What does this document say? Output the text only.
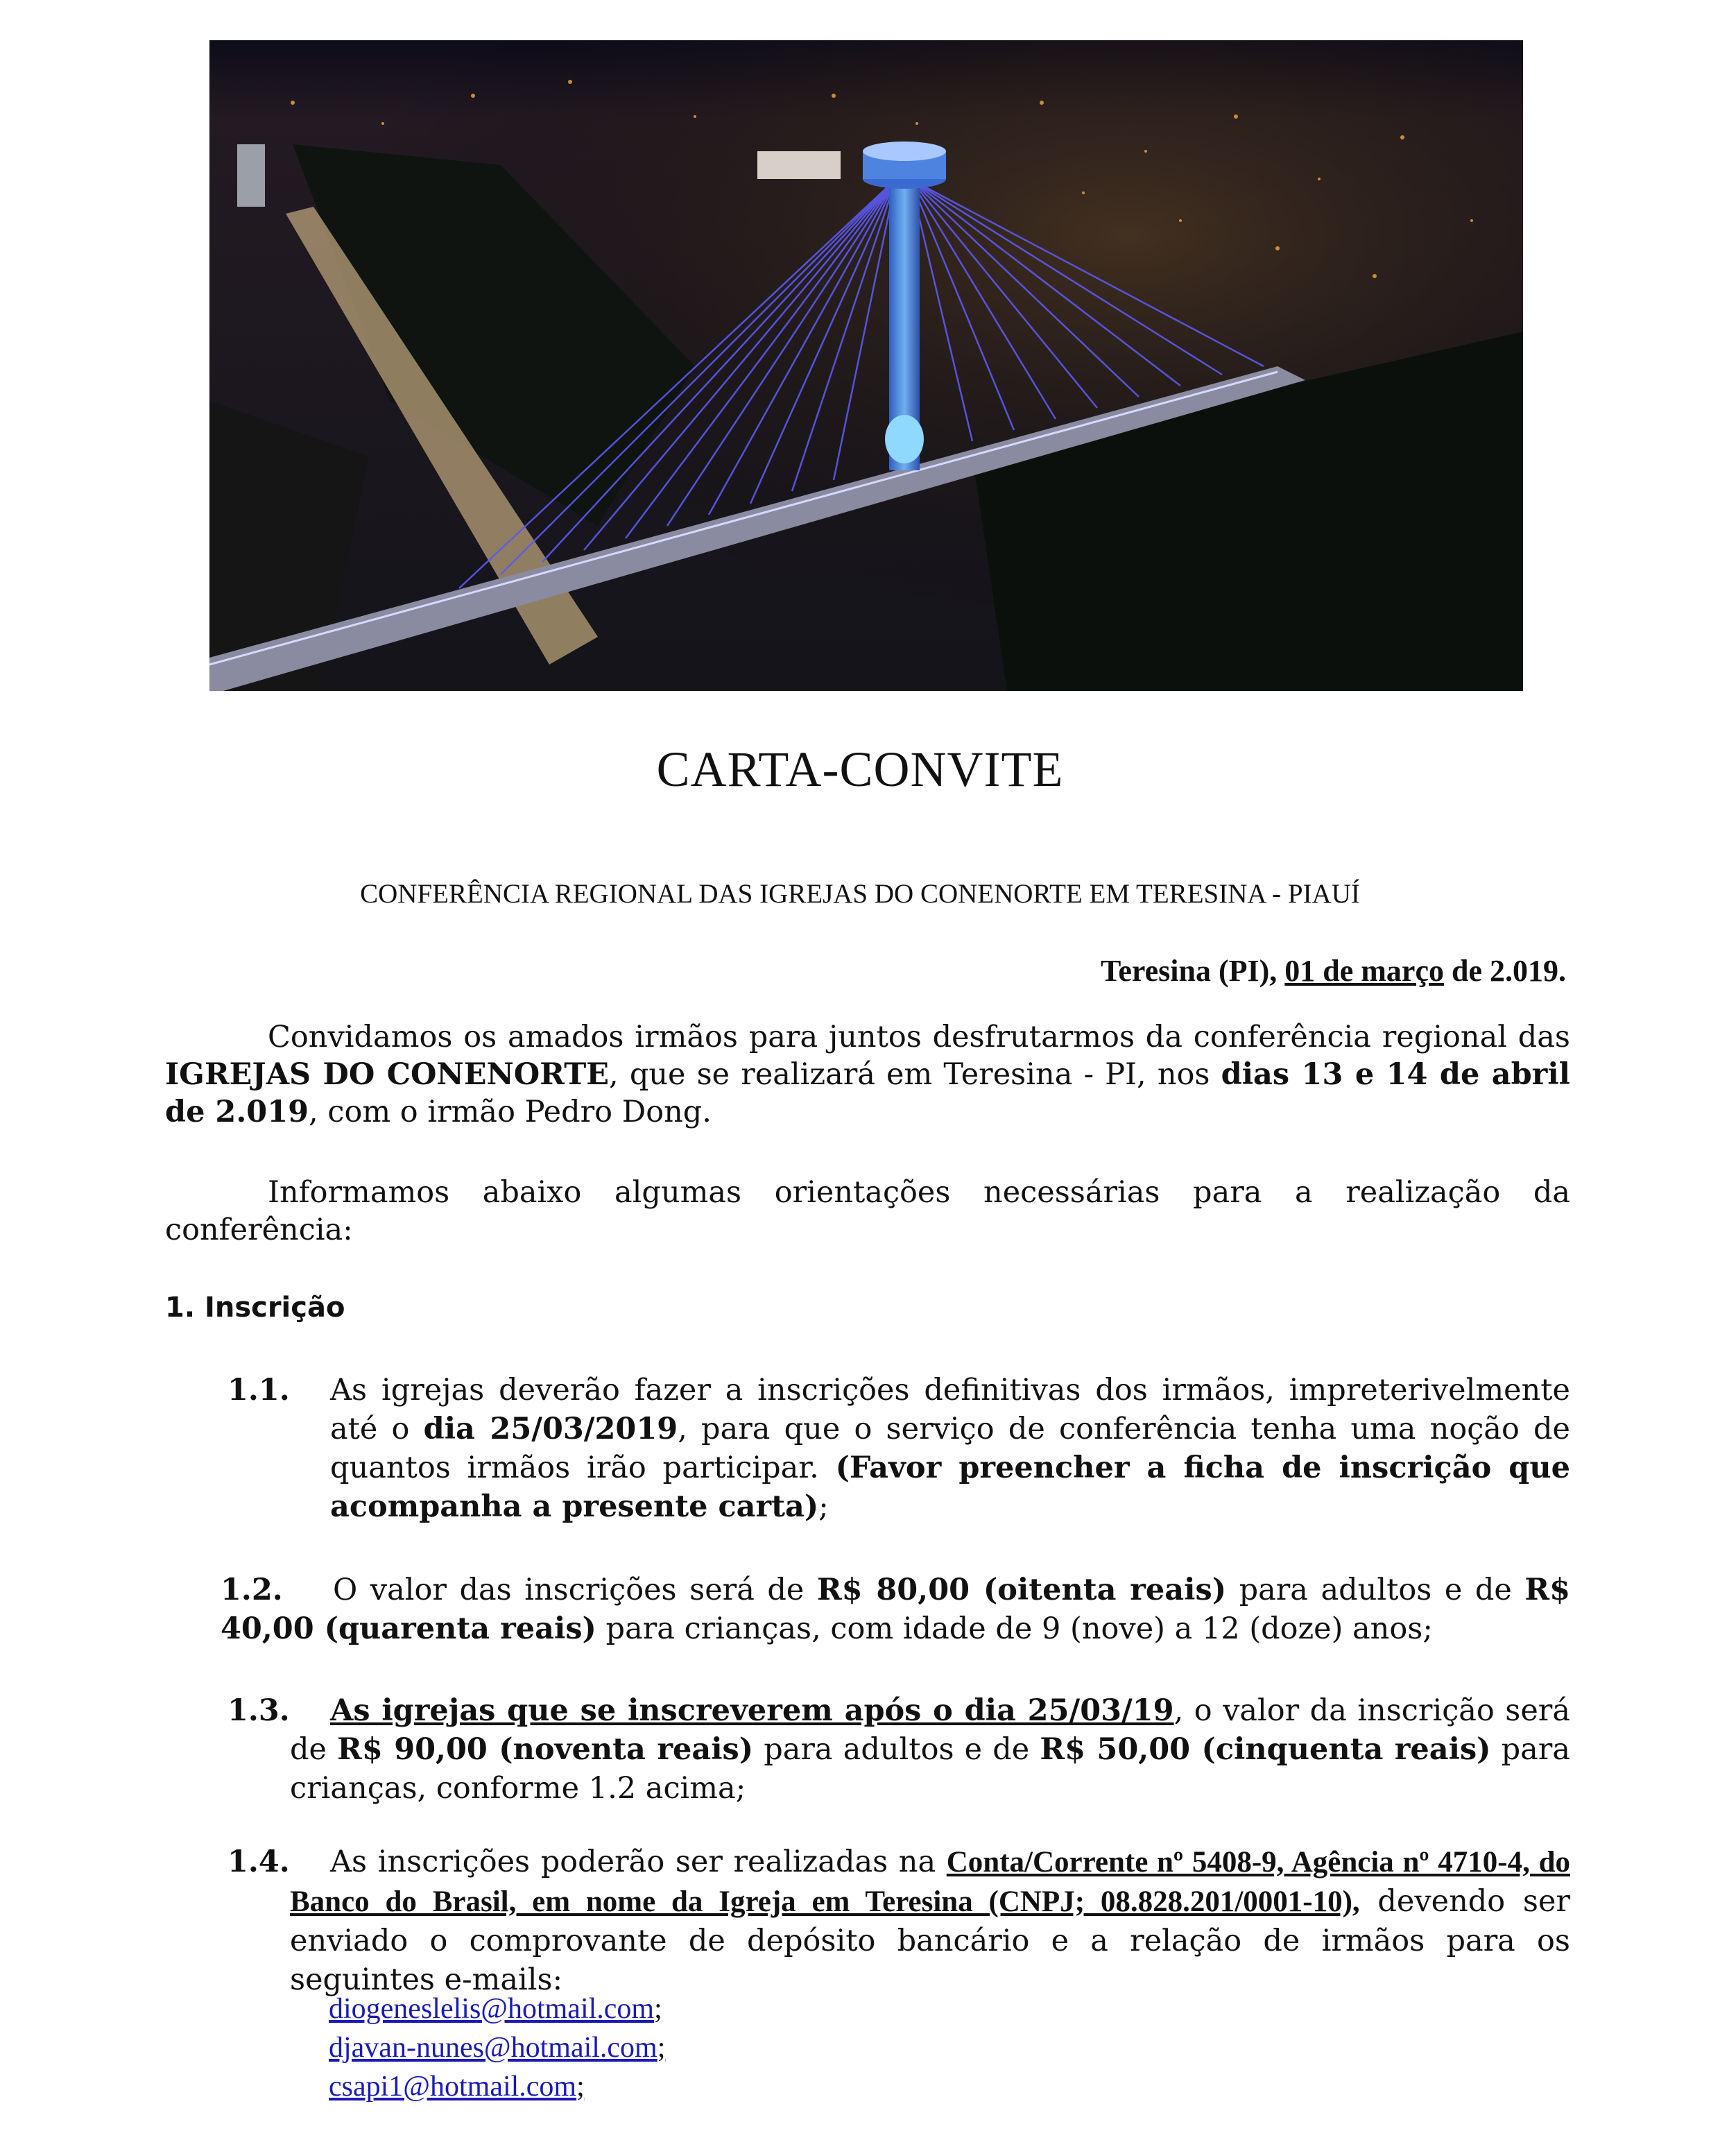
CARTA-CONVITE
CONFERÊNCIA REGIONAL DAS IGREJAS DO CONENORTE EM TERESINA - PIAUÍ
Teresina (PI), 01 de março de 2.019.

Convidamos os amados irmãos para juntos desfrutarmos da conferência regional das IGREJAS DO CONENORTE, que se realizará em Teresina - PI, nos dias 13 e 14 de abril de 2.019, com o irmão Pedro Dong.

Informamos abaixo algumas orientações necessárias para a realização da conferência:

1. Inscrição
1.1. As igrejas deverão fazer a inscrições definitivas dos irmãos, impreterivelmente até o dia 25/03/2019, para que o serviço de conferência tenha uma noção de quantos irmãos irão participar. (Favor preencher a ficha de inscrição que acompanha a presente carta);
1.2.	O valor das inscrições será de R$ 80,00 (oitenta reais) para adultos e de R$ 40,00 (quarenta reais) para crianças, com idade de 9 (nove) a 12 (doze) anos;
1.3.	As igrejas que se inscreverem após o dia 25/03/19, o valor da inscrição será de R$ 90,00 (noventa reais) para adultos e de R$ 50,00 (cinquenta reais) para crianças, conforme 1.2 acima;
1.4.	As inscrições poderão ser realizadas na Conta/Corrente nº 5408-9, Agência nº 4710-4, do Banco do Brasil, em nome da Igreja em Teresina (CNPJ; 08.828.201/0001-10), devendo ser enviado o comprovante de depósito bancário e a relação de irmãos para os seguintes e-mails:
diogeneslelis@hotmail.com;
djavan-nunes@hotmail.com;
csapi1@hotmail.com;
